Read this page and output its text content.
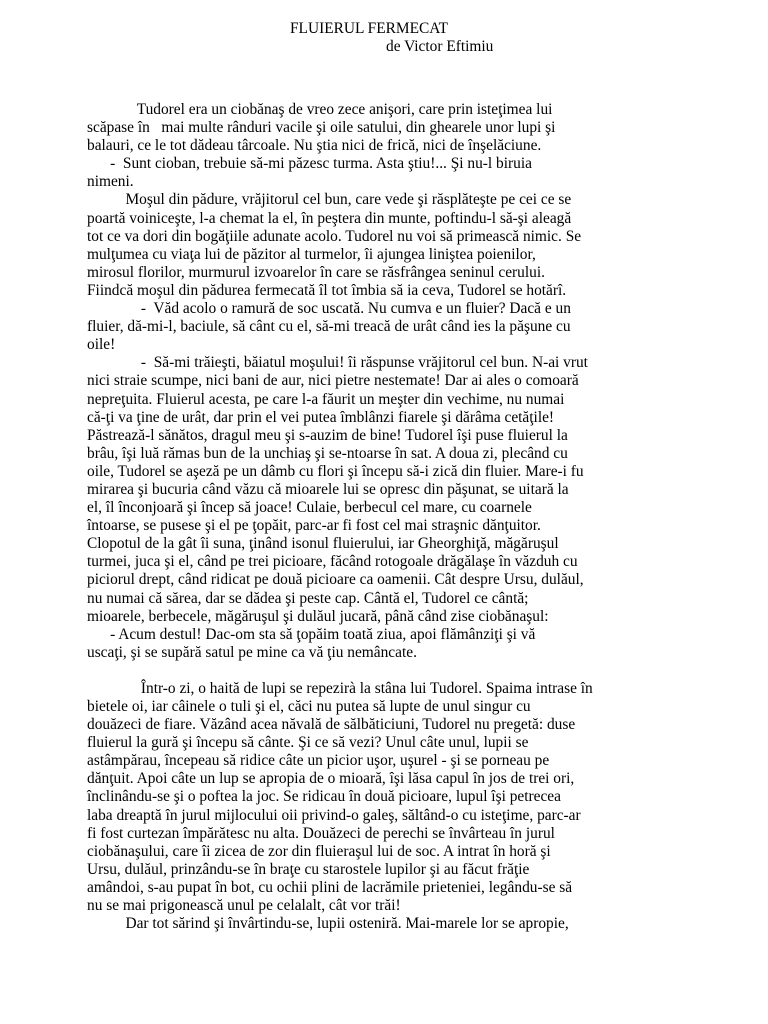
FLUIERUL FERMECAT
de Victor Eftimiu
Tudorel era un ciobănaş de vreo zece anişori, care prin isteţimea lui
scăpase în   mai multe rânduri vacile şi oile satului, din ghearele unor lupi şi
balauri, ce le tot dădeau târcoale. Nu ştia nici de frică, nici de înşelăciune.
-  Sunt cioban, trebuie să-mi păzesc turma. Asta ştiu!... Şi nu-l biruia
nimeni.
Moşul din pădure, vrăjitorul cel bun, care vede şi răsplăteşte pe cei ce se
poartă voiniceşte, l-a chemat la el, în peştera din munte, poftindu-l să-şi aleagă
tot ce va dori din bogăţiile adunate acolo. Tudorel nu voi să primească nimic. Se
mulţumea cu viaţa lui de păzitor al turmelor, îi ajungea liniştea poienilor,
mirosul florilor, murmurul izvoarelor în care se răsfrângea seninul cerului.
Fiindcă moşul din pădurea fermecată îl tot îmbia să ia ceva, Tudorel se hotărî.
-  Văd acolo o ramură de soc uscată. Nu cumva e un fluier? Dacă e un
fluier, dă-mi-l, baciule, să cânt cu el, să-mi treacă de urât când ies la păşune cu
oile!
-  Să-mi trăieşti, băiatul moşului! îi răspunse vrăjitorul cel bun. N-ai vrut
nici straie scumpe, nici bani de aur, nici pietre nestemate! Dar ai ales o comoară
nepreţuita. Fluierul acesta, pe care l-a făurit un meşter din vechime, nu numai
că-ţi va ţine de urât, dar prin el vei putea îmblânzi fiarele şi dărâma cetăţile!
Păstrează-l sănătos, dragul meu şi s-auzim de bine! Tudorel îşi puse fluierul la
brâu, îşi luă rămas bun de la unchiaş şi se-ntoarse în sat. A doua zi, plecând cu
oile, Tudorel se aşeză pe un dâmb cu flori şi începu să-i zică din fluier. Mare-i fu
mirarea şi bucuria când văzu că mioarele lui se opresc din păşunat, se uitară la
el, îl înconjoară şi încep să joace! Culaie, berbecul cel mare, cu coarnele
întoarse, se pusese şi el pe ţopăit, parc-ar fi fost cel mai straşnic dănţuitor.
Clopotul de la gât îi suna, ţinând isonul fluierului, iar Gheorghiţă, măgăruşul
turmei, juca şi el, când pe trei picioare, făcând rotogoale drăgălaşe în văzduh cu
piciorul drept, când ridicat pe două picioare ca oamenii. Cât despre Ursu, dulăul,
nu numai că sărea, dar se dădea şi peste cap. Cântă el, Tudorel ce cântă;
mioarele, berbecele, măgăruşul şi dulăul jucară, până când zise ciobănaşul:
- Acum destul! Dac-om sta să ţopăim toată ziua, apoi flămânziţi şi vă
uscaţi, şi se supără satul pe mine ca vă ţiu nemâncate.
Într-o zi, o haită de lupi se repezirà la stâna lui Tudorel. Spaima intrase în
bietele oi, iar câinele o tuli şi el, căci nu putea să lupte de unul singur cu
douăzeci de fiare. Văzând acea năvală de sălbăticiuni, Tudorel nu pregetă: duse
fluierul la gură şi începu să cânte. Şi ce să vezi? Unul câte unul, lupii se
astâmpărau, începeau să ridice câte un picior uşor, uşurel - şi se porneau pe
dănţuit. Apoi câte un lup se apropia de o mioară, îşi lăsa capul în jos de trei ori,
înclinându-se şi o poftea la joc. Se ridicau în două picioare, lupul îşi petrecea
laba dreaptă în jurul mijlocului oii privind-o galeş, săltând-o cu isteţime, parc-ar
fi fost curtezan împărătesc nu alta. Douăzeci de perechi se învârteau în jurul
ciobănaşului, care îi zicea de zor din fluieraşul lui de soc. A intrat în horă şi
Ursu, dulăul, prinzându-se în braţe cu starostele lupilor şi au făcut frăţie
amândoi, s-au pupat în bot, cu ochii plini de lacrămile prieteniei, legându-se să
nu se mai prigonească unul pe celalalt, cât vor trăi!
Dar tot sărind şi învârtindu-se, lupii osteniră. Mai-marele lor se apropie,
